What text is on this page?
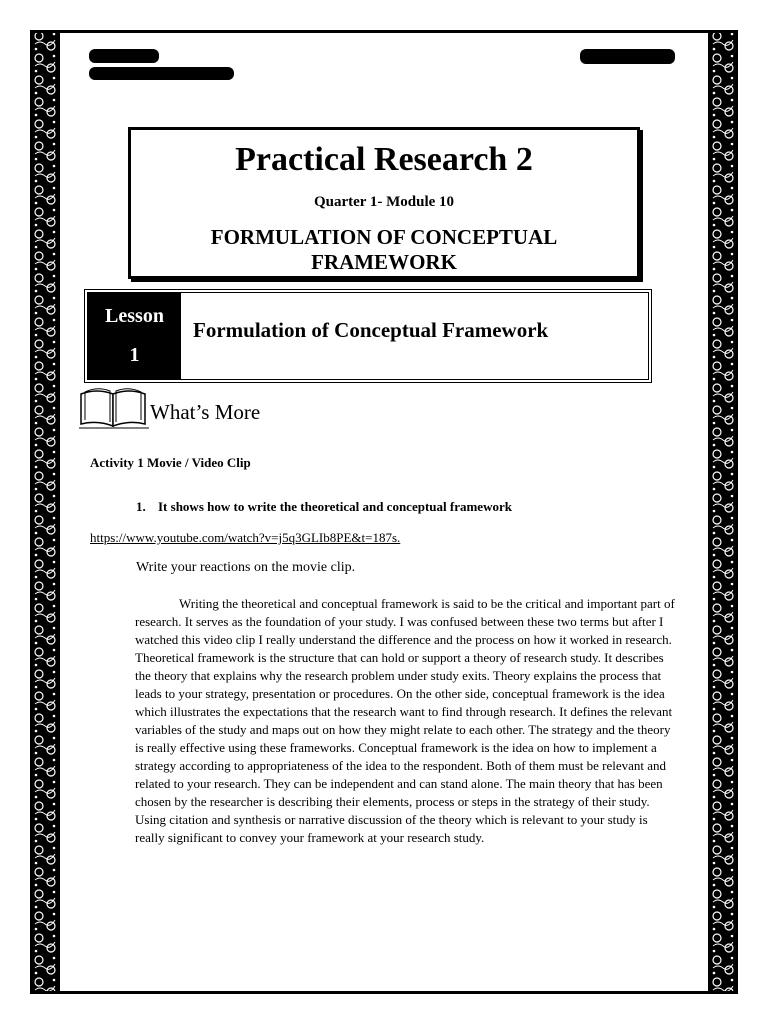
Practical Research 2
Quarter 1- Module 10
FORMULATION OF CONCEPTUAL
FRAMEWORK
Lesson
1
Formulation of Conceptual Framework
What’s More
Activity 1 Movie / Video Clip
1. It shows how to write the theoretical and conceptual framework
https://www.youtube.com/watch?v=j5q3GLIb8PE&t=187s.
Write your reactions on the movie clip.

Writing the theoretical and conceptual framework is said to be the critical and important part of research. It serves as the foundation of your study. I was confused between these two terms but after I watched this video clip I really understand the difference and the process on how it worked in research. Theoretical framework is the structure that can hold or support a theory of research study. It describes the theory that explains why the research problem under study exits. Theory explains the process that leads to your strategy, presentation or procedures. On the other side, conceptual framework is the idea which illustrates the expectations that the research want to find through research. It defines the relevant variables of the study and maps out on how they might relate to each other. The strategy and the theory is really effective using these frameworks. Conceptual framework is the idea on how to implement a strategy according to appropriateness of the idea to the respondent. Both of them must be relevant and related to your research. They can be independent and can stand alone. The main theory that has been chosen by the researcher is describing their elements, process or steps in the strategy of their study. Using citation and synthesis or narrative discussion of the theory which is relevant to your study is really significant to convey your framework at your research study.
